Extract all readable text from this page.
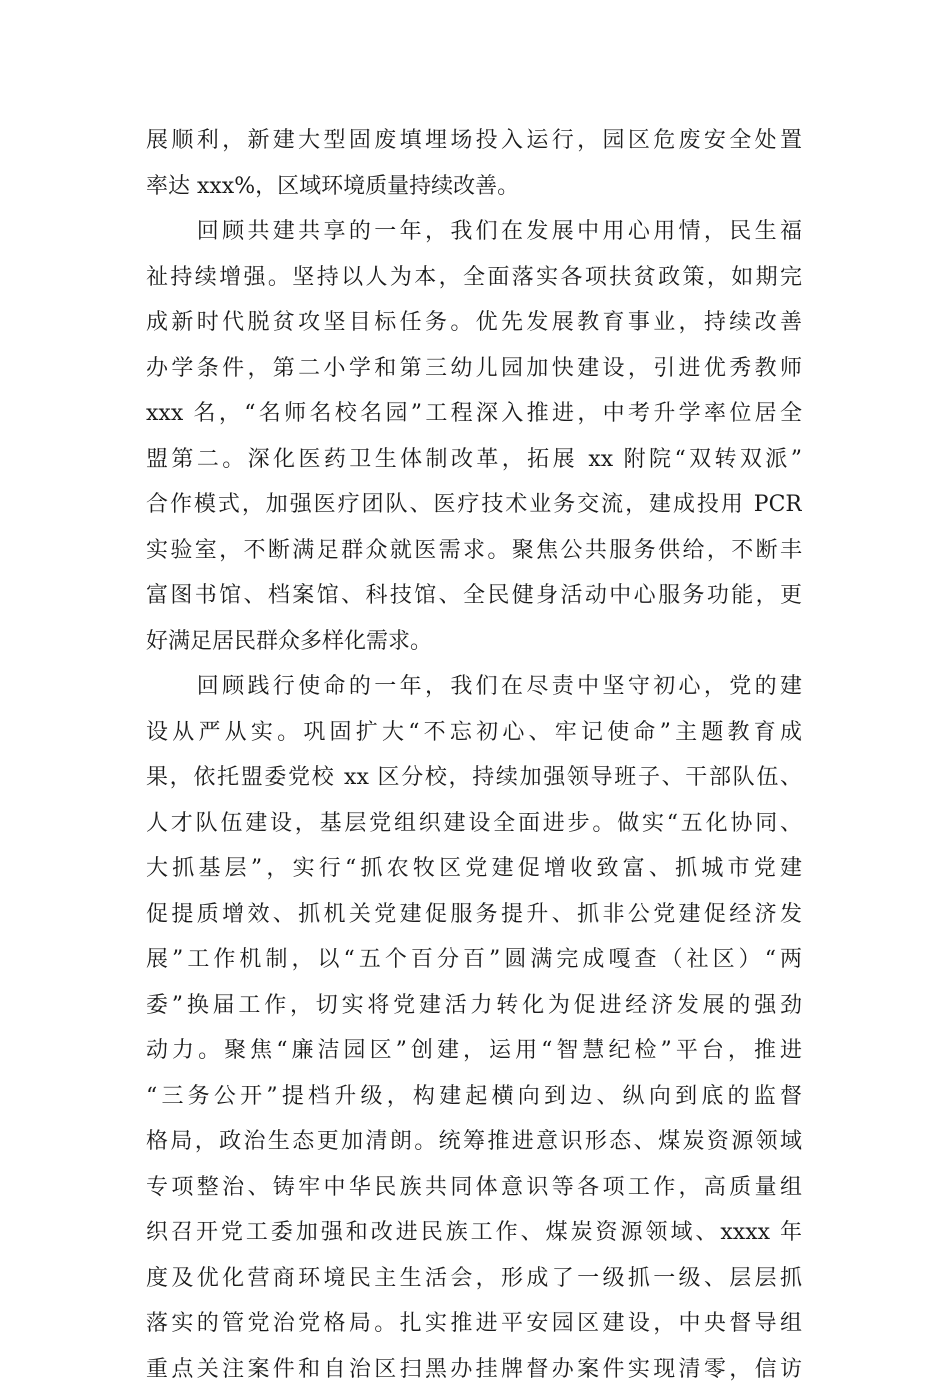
展顺利，新建大型固废填埋场投入运行，园区危废安全处置
率达 xxx%，区域环境质量持续改善。
　　回顾共建共享的一年，我们在发展中用心用情，民生福
祉持续增强。坚持以人为本，全面落实各项扶贫政策，如期完
成新时代脱贫攻坚目标任务。优先发展教育事业，持续改善
办学条件，第二小学和第三幼儿园加快建设，引进优秀教师
xxx 名，“名师名校名园”工程深入推进，中考升学率位居全
盟第二。深化医药卫生体制改革，拓展 xx 附院“双转双派”
合作模式，加强医疗团队、医疗技术业务交流，建成投用 PCR
实验室，不断满足群众就医需求。聚焦公共服务供给，不断丰
富图书馆、档案馆、科技馆、全民健身活动中心服务功能，更
好满足居民群众多样化需求。
　　回顾践行使命的一年，我们在尽责中坚守初心，党的建
设从严从实。巩固扩大“不忘初心、牢记使命”主题教育成
果，依托盟委党校 xx 区分校，持续加强领导班子、干部队伍、
人才队伍建设，基层党组织建设全面进步。做实“五化协同、
大抓基层”，实行“抓农牧区党建促增收致富、抓城市党建
促提质增效、抓机关党建促服务提升、抓非公党建促经济发
展”工作机制，以“五个百分百”圆满完成嘎查（社区）“两
委”换届工作，切实将党建活力转化为促进经济发展的强劲
动力。聚焦“廉洁园区”创建，运用“智慧纪检”平台，推进
“三务公开”提档升级，构建起横向到边、纵向到底的监督
格局，政治生态更加清朗。统筹推进意识形态、煤炭资源领域
专项整治、铸牢中华民族共同体意识等各项工作，高质量组
织召开党工委加强和改进民族工作、煤炭资源领域、xxxx 年
度及优化营商环境民主生活会，形成了一级抓一级、层层抓
落实的管党治党格局。扎实推进平安园区建设，中央督导组
重点关注案件和自治区扫黑办挂牌督办案件实现清零，信访
